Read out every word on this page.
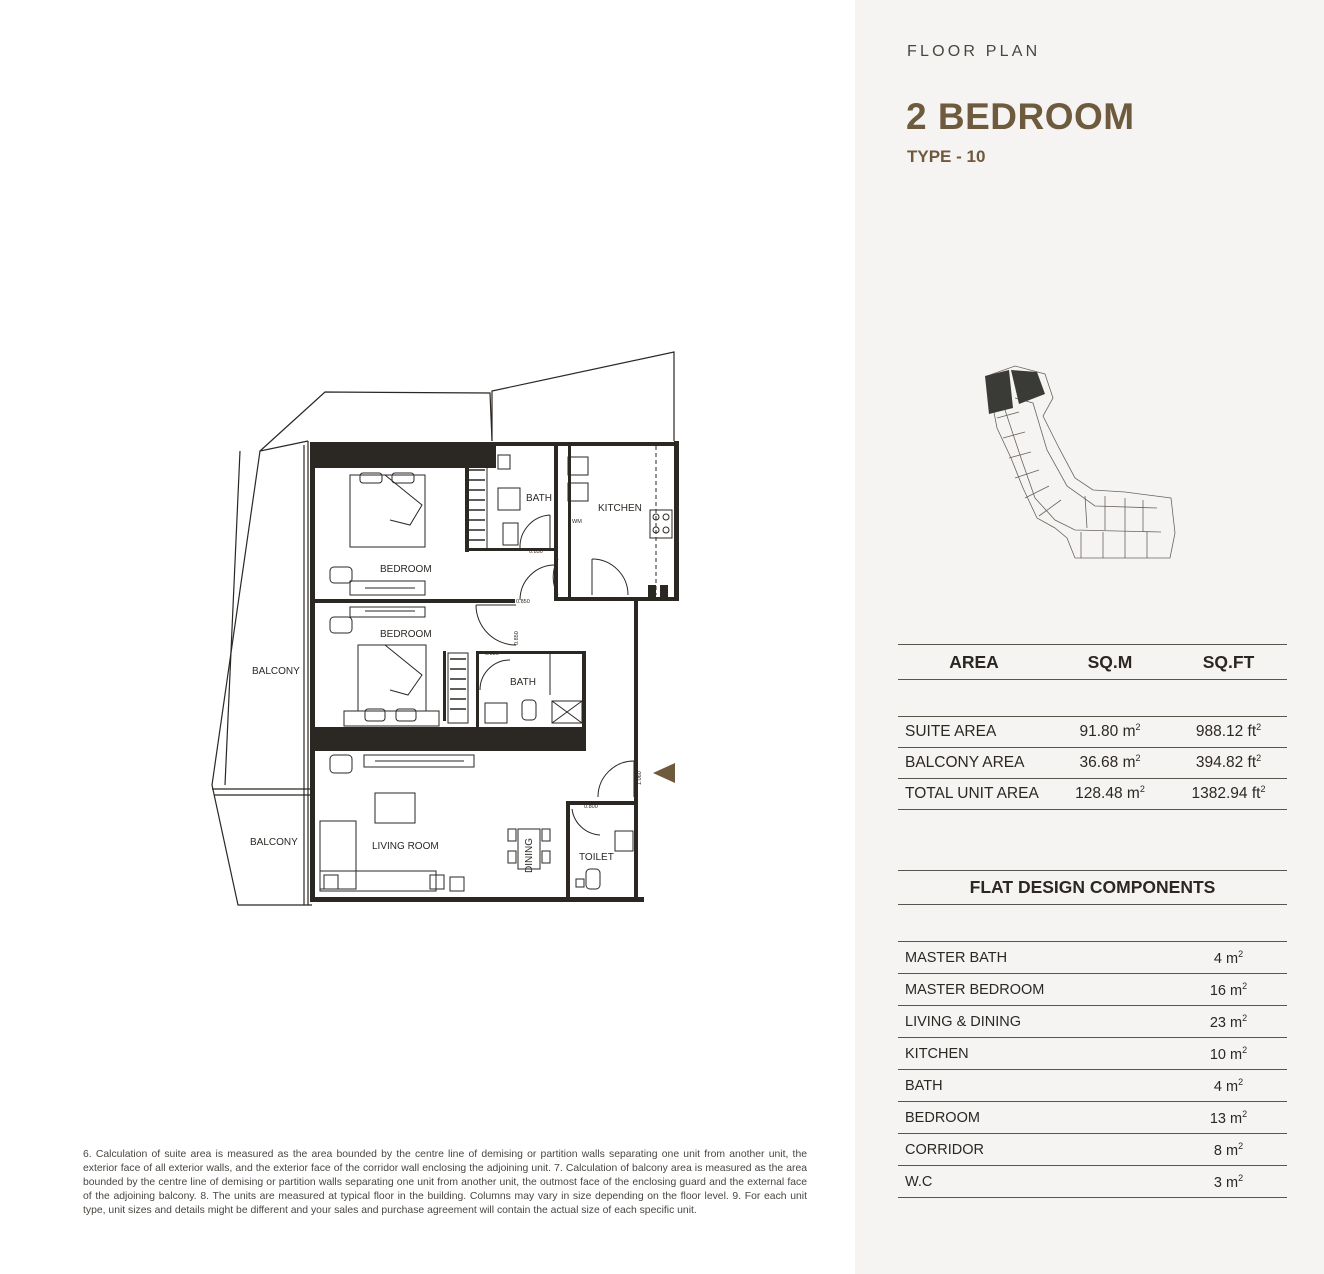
BEDROOM
BEDROOM
BATH
BATH
KITCHEN
LIVING ROOM
TOILET
BALCONY
BALCONY	DINING
WM
0.850
0.850	0.940
0.850
0.800
0.850
1.060

6. Calculation of suite area is measured as the area bounded by the centre line of demising or partition walls separating one unit from another unit, the exterior face of all exterior walls, and the exterior face of the corridor wall enclosing the adjoining unit. 7. Calculation of balcony area is measured as the area bounded by the centre line of demising or partition walls separating one unit from another unit, the outmost face of the enclosing guard and the external face of the adjoining balcony. 8. The units are measured at typical floor in the building. Columns may vary in size depending on the floor level. 9. For each unit type, unit sizes and details might be different and your sales and purchase agreement will contain the actual size of each specific unit.

FLOOR PLAN
2 BEDROOM
TYPE - 10
AREA	SQ.M	SQ.FT
SUITE AREA	91.80 $m^2$	988.12 $ft^2$
BALCONY AREA	36.68 $m^2$	394.82 $ft^2$
TOTAL UNIT AREA	128.48 $m^2$	1382.94 $ft^2$
FLAT DESIGN COMPONENTS
MASTER BATH	4 $m^2$
MASTER BEDROOM	16 $m^2$
LIVING & DINING	23 $m^2$
KITCHEN	10 $m^2$
BATH	4 $m^2$
BEDROOM	13 $m^2$
CORRIDOR	8 $m^2$
W.C	3 $m^2$
